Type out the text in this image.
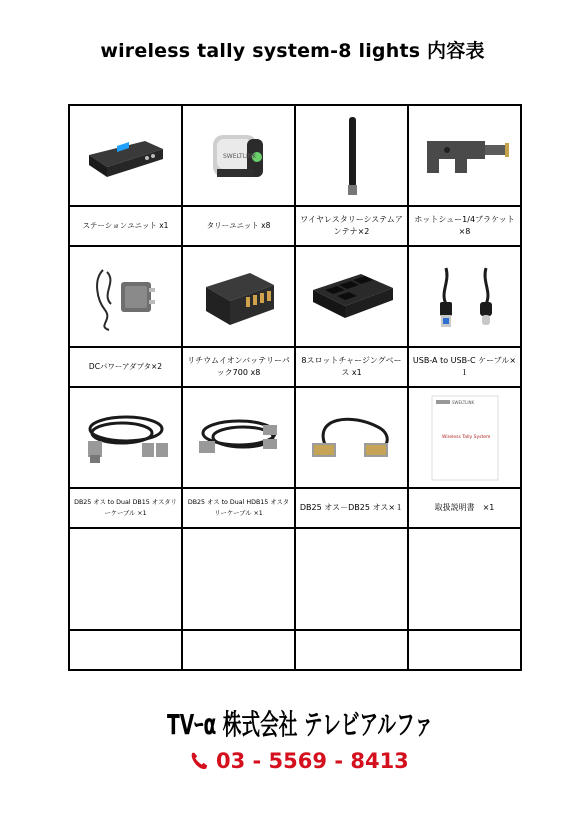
wireless tally system-8 lights 内容表

SWELTLINK

ステーションユニット x1	タリーユニット x8	ワイヤレスタリーシステムアンテナ×2	ホットシュー1/4ブラケット×8

DCパワーアダプタ×2	リチウムイオンバッテリーパック700 x8	8スロットチャージングベース x1	USB-A to USB-C ケーブル×１

SWELTLINK
Wireless Tally System

DB25 オス to Dual DB15 オスタリーケーブル ×1	DB25 オス to Dual HDB15 オスタリーケーブル ×1	DB25 オス－DB25 オス×１	取扱説明書　×1

TVｰα 株式会社 テレビアルファ
03 - 5569 - 8413
